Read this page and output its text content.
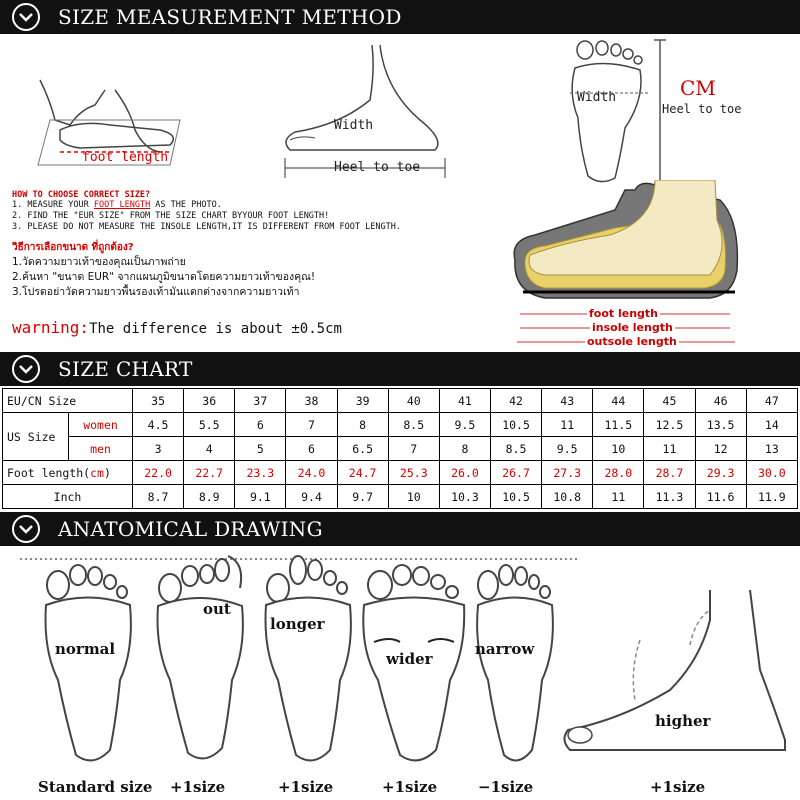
SIZE MEASUREMENT METHOD
foot length
Width
Heel to toe
Width	CM
Heel to toe
foot length
insole length
outsole length
HOW TO CHOOSE CORRECT SIZE?
1. MEASURE YOUR FOOT LENGTH AS THE PHOTO.
2. FIND THE "EUR SIZE" FROM THE SIZE CHART BYYOUR FOOT LENGTH!
3. PLEASE DO NOT MEASURE THE INSOLE LENGTH,IT IS DIFFERENT FROM FOOT LENGTH.
วิธีการเลือกขนาด ที่ถูกต้อง?
1.วัดความยาวเท้าของคุณเป็นภาพถ่าย
2.ค้นหา "ขนาด EUR" จากแผนภูมิขนาดโดยความยาวเท้าของคุณ!
3.โปรดอย่าวัดความยาวพื้นรองเท้ามันแตกต่างจากความยาวเท้า
warning:The difference is about ±0.5cm
SIZE CHART
EU/CN Size		35	36	37	38	39	40	41	42	43	44	45	46	47
US Size	women	4.5	5.5	6	7	8	8.5	9.5	10.5	11	11.5	12.5	13.5	14
	men	3	4	5	6	6.5	7	8	8.5	9.5	10	11	12	13
Foot length(cm)		22.0	22.7	23.3	24.0	24.7	25.3	26.0	26.7	27.3	28.0	28.7	29.3	30.0
Inch		8.7	8.9	9.1	9.4	9.7	10	10.3	10.5	10.8	11	11.3	11.6	11.9
ANATOMICAL DRAWING
normal
out
longer
wider
narrow
higher
Standard size +1size	+1size	+1size	−1size	+1size
